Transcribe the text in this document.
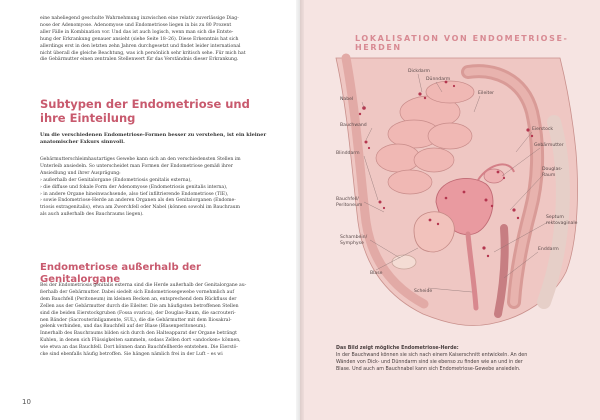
eine naheliegend geschulte Wahrnehmung inzwischen eine relativ zuverlässige Diag-

nose der Adenomyose. Adenomyose und Endometriose liegen in bis zu 80 Prozent

aller Fälle in Kombination vor. Und das ist auch logisch, wenn man sich die Entste-

hung der Erkrankung genauer ansieht (siehe Seite 18–26). Diese Erkenntnis hat sich

allerdings erst in den letzten zehn Jahren durchgesetzt und findet leider international

nicht überall die gleiche Beachtung, was ich persönlich sehr kritisch sehe. Für mich hat

die Gebärmutter einen zentralen Stellenwert für das Verständnis dieser Erkrankung.

Subtypen der Endometriose und
ihre Einteilung
Um die verschiedenen Endometriose-Formen besser zu verstehen, ist ein kleiner
anatomischer Exkurs sinnvoll.

Gebärmutterschleimhautartiges Gewebe kann sich an den verschiedensten Stellen im

Unterleib ansiedeln. So unterscheidet man Formen der Endometriose gemäß ihrer

Ansiedlung und ihrer Ausprägung:

› außerhalb der Genitalorgane (Endometriosis genitalis externa),

› die diffuse und fokale Form der Adenomyose (Endometriosis genitalis interna),

› in andere Organe hineinwachsende, also tief infiltrierende Endometriose (TIE),

› sowie Endometriose-Herde an anderen Organen als den Genitalorganen (Endome-

triosis extragenitalis), etwa am Zwerchfell oder Nabel (können sowohl im Bauchraum

als auch außerhalb des Bauchraums liegen).

Endometriose außerhalb der Genitalorgane

Bei der Endometriosis genitalis externa sind die Herde außerhalb der Genitalorgane au-

ßerhalb der Gebärmutter. Dabei siedelt sich Endometriosegewebe vornehmlich auf

dem Bauchfell (Peritoneum) im kleinen Becken an, entsprechend dem Rückfluss der

Zellen aus der Gebärmutter durch die Eileiter. Die am häufigsten betroffenen Stellen

sind die beiden Eierstockgruben (Fossa ovarica), der Douglas-Raum, die sacrouteri-

nen Bänder (Sacrouterinligamente, SUL), die die Gebärmutter mit dem Iliosakral-

gelenk verbinden, und das Bauchfell auf der Blase (Blasenperitoneum).

Innerhalb des Bauchraums bilden sich durch den Halteapparat der Organe beträngt

Kuhlen, in denen sich Flüssigkeiten sammeln, sodass Zellen dort »andocken« können,

wie etwa an das Bauchfell. Dort können dann Bauchfellherde entstehen. Die Eierstö-

cke sind ebenfalls häufig betroffen. Sie hängen nämlich frei in der Luft – es wi

10
LOKALISATION VON ENDOMETRIOSE-HERDEN
Dickdarm
Dünndarm
Eileiter
Nabel
Bauchwand
Eierstock
Gebärmutter
Douglas-
Raum
Blinddarm
Bauchfell/
Peritoneum
Schambein/
Symphyse
Septum
rektovaginale
Blase
Enddarm
Scheide
Das Bild zeigt mögliche Endometriose-Herde:
In der Bauchwand können sie sich nach einem Kaiserschnitt entwickeln. An den
Wänden von Dick- und Dünndarm sind sie ebenso zu finden wie an und in der
Blase. Und auch am Bauchnabel kann sich Endometriose-Gewebe ansiedeln.
